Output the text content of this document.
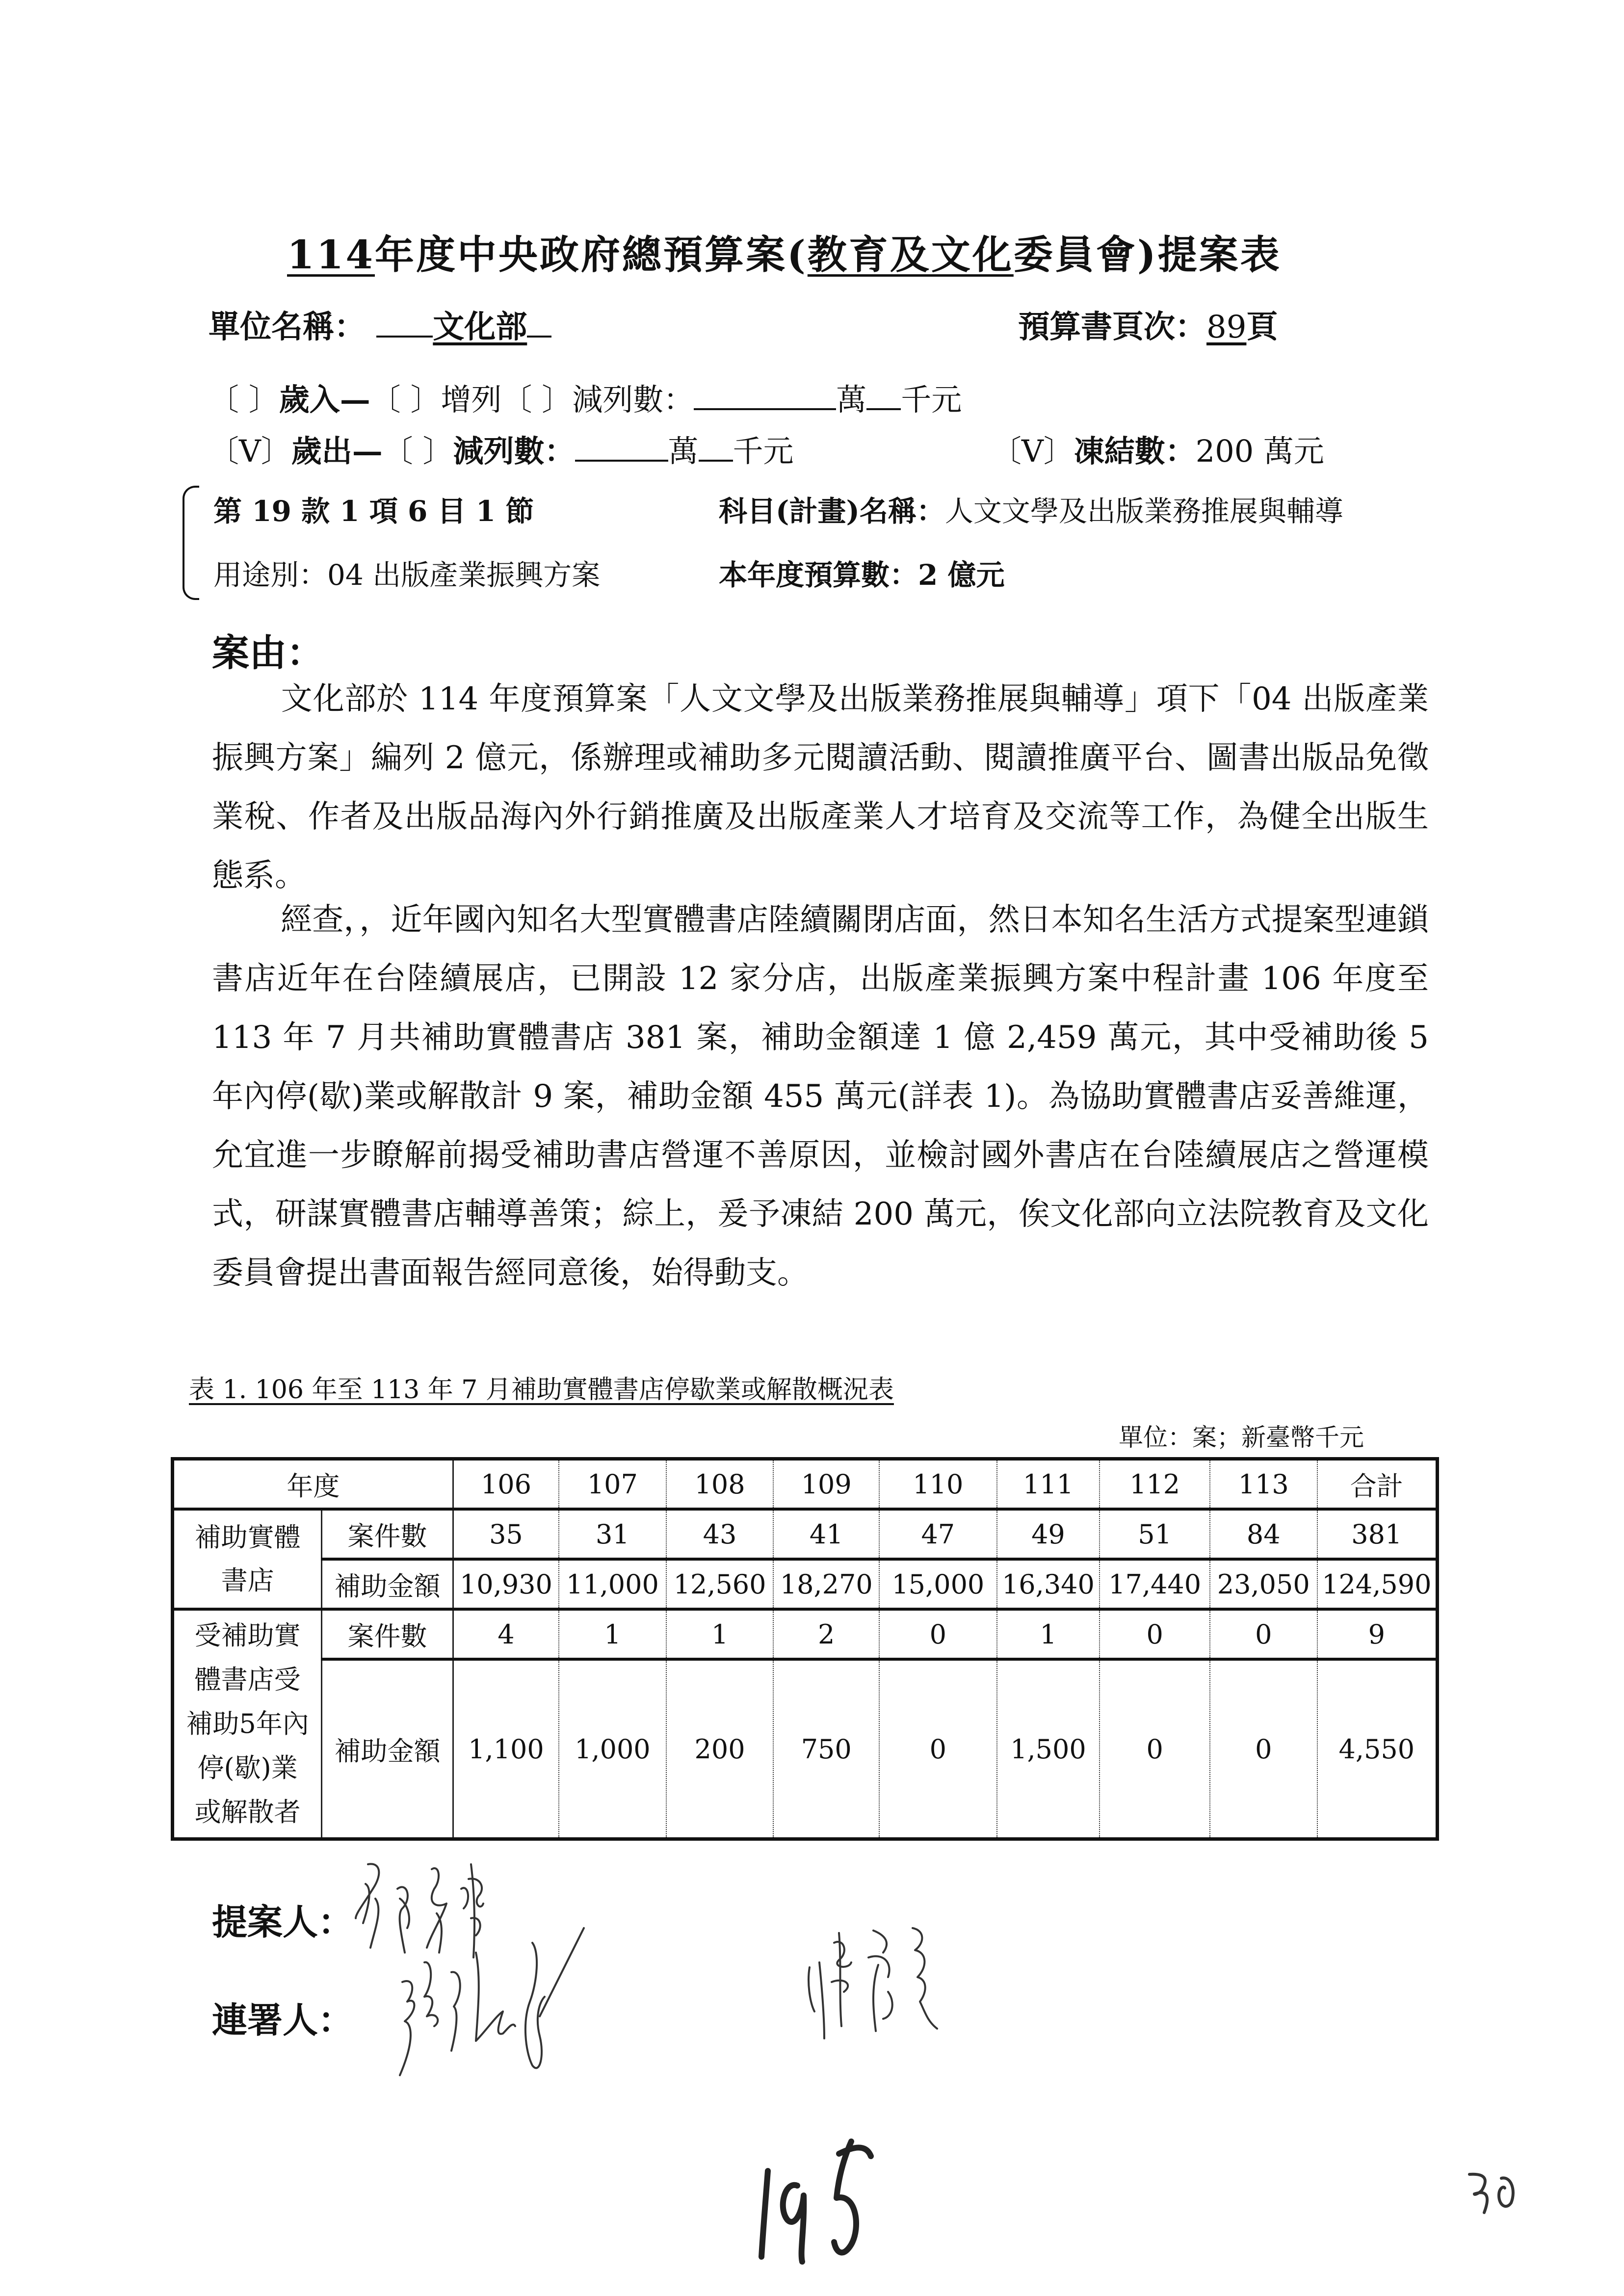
114年度中央政府總預算案(教育及文化委員會)提案表
單位名稱： 文化部	預算書頁次：89頁
〔 〕歲入—〔 〕增列〔 〕減列數：	萬 千元
〔V〕歲出—〔 〕減列數：	萬 千元	〔V〕凍結數：200 萬元
第 19 款 1 項 6 目 1 節	科目(計畫)名稱：人文文學及出版業務推展與輔導
用途別：04 出版產業振興方案	本年度預算數：2 億元
案由：
文化部於 114 年度預算案「人文文學及出版業務推展與輔導」項下「04 出版產業振興方案」編列 2 億元，係辦理或補助多元閱讀活動、閱讀推廣平台、圖書出版品免徵業稅、作者及出版品海內外行銷推廣及出版產業人才培育及交流等工作，為健全出版生態系。
經查，，近年國內知名大型實體書店陸續關閉店面，然日本知名生活方式提案型連鎖書店近年在台陸續展店，已開設 12 家分店，出版產業振興方案中程計畫 106 年度至 113 年 7 月共補助實體書店 381 案，補助金額達 1 億 2,459 萬元，其中受補助後 5 年內停(歇)業或解散計 9 案，補助金額 455 萬元(詳表 1)。為協助實體書店妥善維運，允宜進一步瞭解前揭受補助書店營運不善原因，並檢討國外書店在台陸續展店之營運模式，研謀實體書店輔導善策；綜上，爰予凍結 200 萬元，俟文化部向立法院教育及文化委員會提出書面報告經同意後，始得動支。
表 1. 106 年至 113 年 7 月補助實體書店停歇業或解散概況表
單位：案；新臺幣千元
年度		106	107	108	109	110	111	112	113	合計
補助實體書店	案件數	35	31	43	41	47	49	51	84	381
	補助金額	10,930	11,000	12,560	18,270	15,000	16,340	17,440	23,050	124,590
受補助實體書店受補助5年內停(歇)業或解散者	案件數	4	1	1	2	0	1	0	0	9
	補助金額	1,100	1,000	200	750	0	1,500	0	0	4,550
提案人：
連署人：
195
30
